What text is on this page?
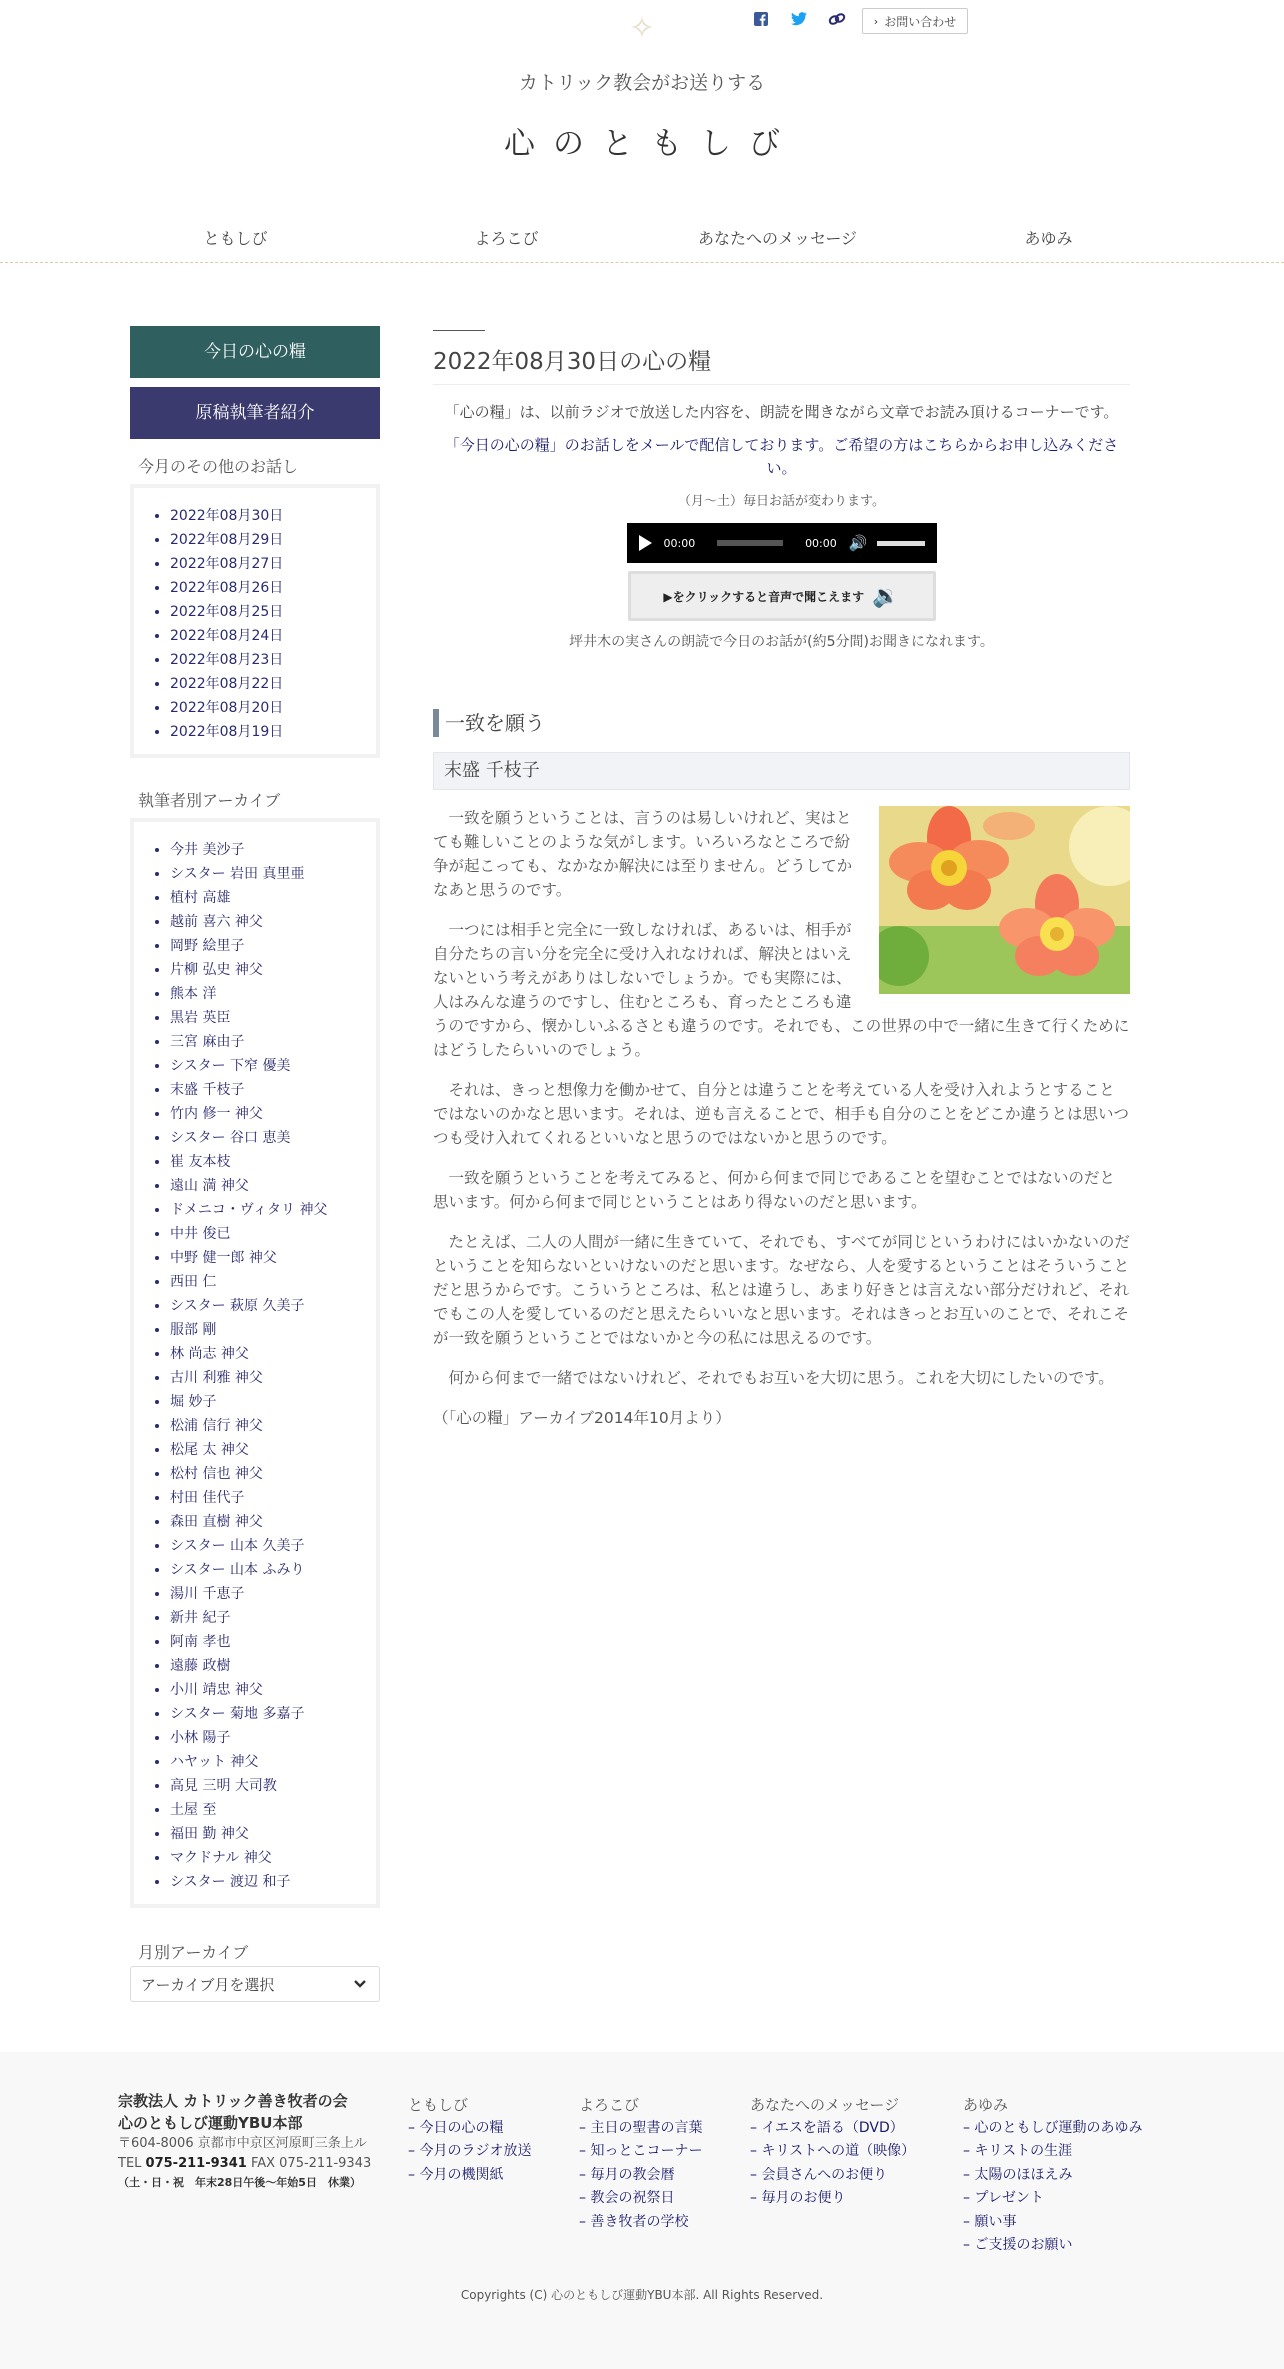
✧	› お問い合わせ
カトリック教会がお送りする
心のともしび
ともしび	よろこび	あなたへのメッセージ	あゆみ
今日の心の糧
原稿執筆者紹介
今月のその他のお話し
• 2022年08月30日
• 2022年08月29日
• 2022年08月27日
• 2022年08月26日
• 2022年08月25日
• 2022年08月24日
• 2022年08月23日
• 2022年08月22日
• 2022年08月20日
• 2022年08月19日
執筆者別アーカイブ
• 今井 美沙子
• シスター 岩田 真里亜
• 植村 高雄
• 越前 喜六 神父
• 岡野 絵里子
• 片柳 弘史 神父
• 熊本 洋
• 黒岩 英臣
• 三宮 麻由子
• シスター 下窄 優美
• 末盛 千枝子
• 竹内 修一 神父
• シスター 谷口 恵美
• 崔 友本枝
• 遠山 満 神父
• ドメニコ・ヴィタリ 神父
• 中井 俊已
• 中野 健一郎 神父
• 西田 仁
• シスター 萩原 久美子
• 服部 剛
• 林 尚志 神父
• 古川 利雅 神父
• 堀 妙子
• 松浦 信行 神父
• 松尾 太 神父
• 松村 信也 神父
• 村田 佳代子
• 森田 直樹 神父
• シスター 山本 久美子
• シスター 山本 ふみり
• 湯川 千恵子
• 新井 紀子
• 阿南 孝也
• 遠藤 政樹
• 小川 靖忠 神父
• シスター 菊地 多嘉子
• 小林 陽子
• ハヤット 神父
• 高見 三明 大司教
• 土屋 至
• 福田 勤 神父
• マクドナル 神父
• シスター 渡辺 和子
月別アーカイブ
アーカイブ月を選択
2022年08月30日の心の糧

「心の糧」は、以前ラジオで放送した内容を、朗読を聞きながら文章でお読み頂けるコーナーです。

「今日の心の糧」のお話しをメールで配信しております。ご希望の方はこちらからお申し込みください。

（月～土）毎日お話が変わります。

00:00	00:00 🔊
▶をクリックすると音声で聞こえます 🔉

坪井木の実さんの朗読で今日のお話が(約5分間)お聞きになれます。

一致を願う
末盛 千枝子

一致を願うということは、言うのは易しいけれど、実はとても難しいことのような気がします。いろいろなところで紛争が起こっても、なかなか解決には至りません。どうしてかなあと思うのです。

一つには相手と完全に一致しなければ、あるいは、相手が自分たちの言い分を完全に受け入れなければ、解決とはいえないという考えがありはしないでしょうか。でも実際には、人はみんな違うのですし、住むところも、育ったところも違うのですから、懐かしいふるさとも違うのです。それでも、この世界の中で一緒に生きて行くためにはどうしたらいいのでしょう。

それは、きっと想像力を働かせて、自分とは違うことを考えている人を受け入れようとすることではないのかなと思います。それは、逆も言えることで、相手も自分のことをどこか違うとは思いつつも受け入れてくれるといいなと思うのではないかと思うのです。

一致を願うということを考えてみると、何から何まで同じであることを望むことではないのだと思います。何から何まで同じということはあり得ないのだと思います。

たとえば、二人の人間が一緒に生きていて、それでも、すべてが同じというわけにはいかないのだということを知らないといけないのだと思います。なぜなら、人を愛するということはそういうことだと思うからです。こういうところは、私とは違うし、あまり好きとは言えない部分だけれど、それでもこの人を愛しているのだと思えたらいいなと思います。それはきっとお互いのことで、それこそが一致を願うということではないかと今の私には思えるのです。

何から何まで一緒ではないけれど、それでもお互いを大切に思う。これを大切にしたいのです。

（「心の糧」アーカイブ2014年10月より）

宗教法人 カトリック善き牧者の会
心のともしび運動YBU本部
〒604-8006 京都市中京区河原町三条上ル
TEL 075-211-9341 FAX 075-211-9343
（土・日・祝　年末28日午後〜年始5日　休業）
ともしび
– 今日の心の糧
– 今月のラジオ放送
– 今月の機関紙
よろこび
– 主日の聖書の言葉
– 知っとこコーナー
– 毎月の教会暦
– 教会の祝祭日
– 善き牧者の学校
あなたへのメッセージ
– イエスを語る（DVD）
– キリストへの道（映像）
– 会員さんへのお便り
– 毎月のお便り
あゆみ
– 心のともしび運動のあゆみ
– キリストの生涯
– 太陽のほほえみ
– プレゼント
– 願い事
– ご支援のお願い
Copyrights (C) 心のともしび運動YBU本部. All Rights Reserved.
